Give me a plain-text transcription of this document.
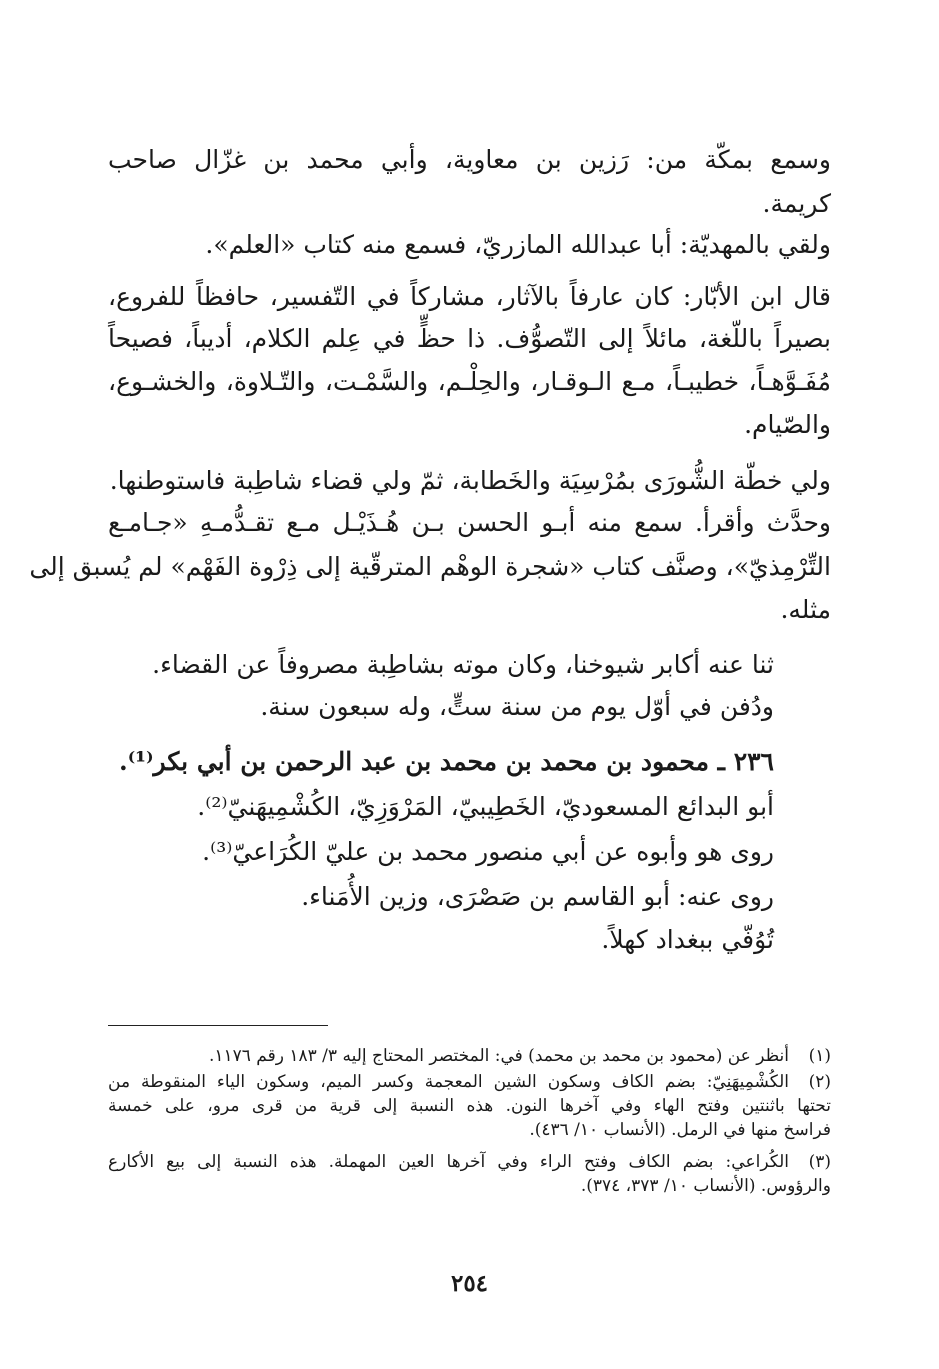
وسمع بمكّة من: رَزين بن معاوية، وأبي محمد بن غزّال صاحب
كريمة.
ولقي بالمهديّة: أبا عبدالله المازريّ، فسمع منه كتاب «العلم».
قال ابن الأبّار: كان عارفاً بالآثار، مشاركاً في التّفسير، حافظاً للفروع،
بصيراً باللّغة، مائلاً إلى التّصوُّف. ذا حظٍّ في عِلم الكلام، أديباً، فصيحاً
مُفَـوَّهـاً، خطيبـاً، مـع الـوقـار، والحِلْـم، والسَّمْـت، والتّـلاوة، والخشـوع،
والصّيام.
ولي خطّة الشُّورَى بمُرْسِيَة والخَطابة، ثمّ ولي قضاء شاطِبة فاستوطنها.
وحدَّث وأقرأ. سمع منه أبـو الحسن بـن هُـذَيْـل مـع تقـدُّمـهِ «جـامـع
التِّرْمِذيّ»، وصنَّف كتاب «شجرة الوهْم المترقّية إلى ذِرْوة الفَهْم» لم يُسبق إلى
مثله.
ثنا عنه أكابر شيوخنا، وكان موته بشاطِبة مصروفاً عن القضاء.
ودُفن في أوّل يوم من سنة ستٍّ، وله سبعون سنة.
٢٣٦ ـ محمود بن محمد بن محمد بن عبد الرحمن بن أبي بكر⁽¹⁾.
أبو البدائع المسعوديّ، الخَطِيبيّ، المَرْوَزِيّ، الكُشْمِيهَنيّ⁽²⁾.
روى هو وأبوه عن أبي منصور محمد بن عليّ الكُرَاعيّ⁽³⁾.
روى عنه: أبو القاسم بن صَصْرَى، وزين الأُمَناء.
تُوُفّي ببغداد كهلاً.
(١)
أنظر عن (محمود بن محمد بن محمد) في: المختصر المحتاج إليه ٣/ ١٨٣ رقم ١١٧٦.
(٢)
الكُشْمِيهَنِيّ: بضم الكاف وسكون الشين المعجمة وكسر الميم، وسكون الياء المنقوطة من
تحتها باثنتين وفتح الهاء وفي آخرها النون. هذه النسبة إلى قرية من قرى مرو، على خمسة
فراسخ منها في الرمل. (الأنساب ١٠/ ٤٣٦).
(٣)
الكُراعي: بضم الكاف وفتح الراء وفي آخرها العين المهملة. هذه النسبة إلى بيع الأكارع
والرؤوس. (الأنساب ١٠/ ٣٧٣، ٣٧٤).
٢٥٤
